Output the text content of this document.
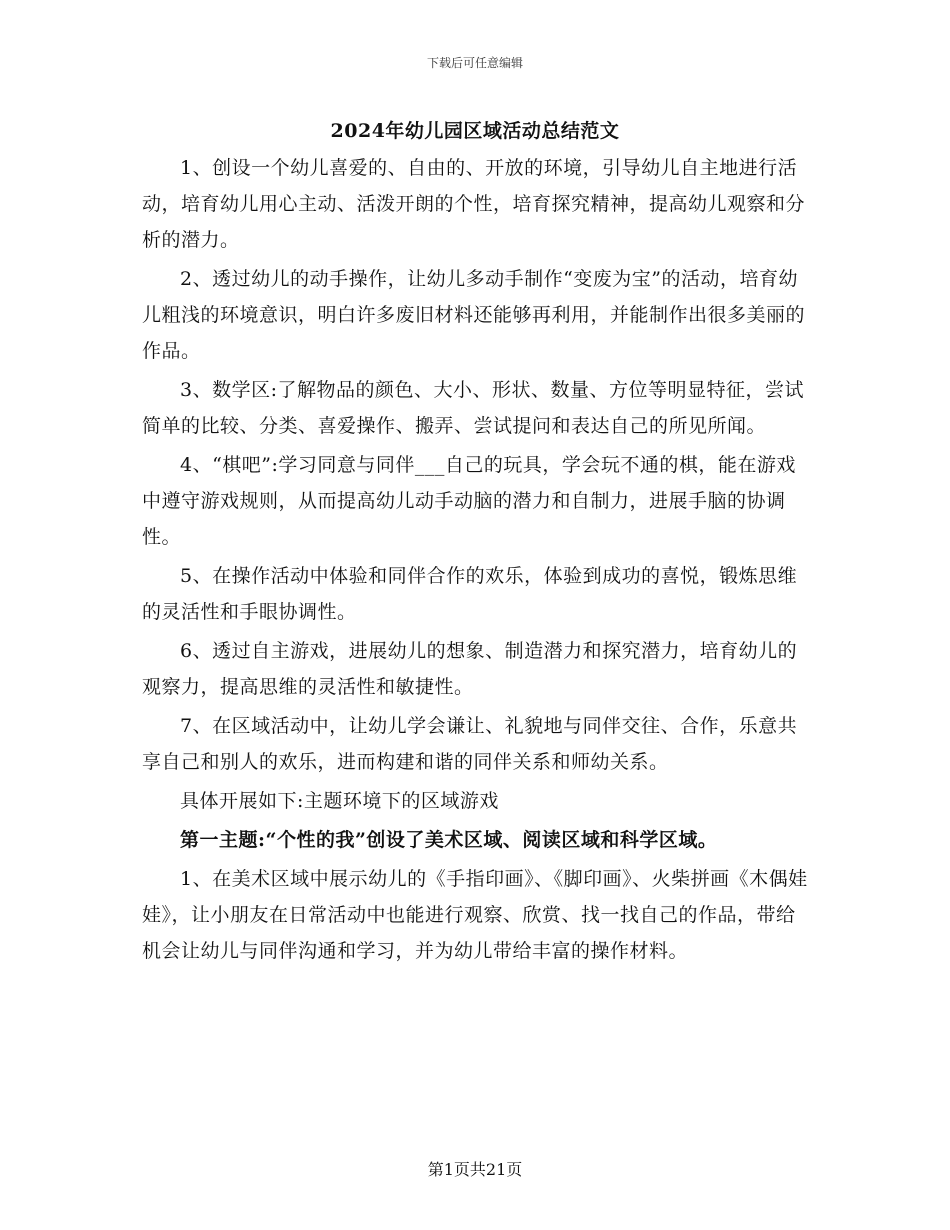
下载后可任意编辑
2024年幼儿园区域活动总结范文

1、创设一个幼儿喜爱的、自由的、开放的环境，引导幼儿自主地进行活动，培育幼儿用心主动、活泼开朗的个性，培育探究精神，提高幼儿观察和分析的潜力。

2、透过幼儿的动手操作，让幼儿多动手制作“变废为宝”的活动，培育幼儿粗浅的环境意识，明白许多废旧材料还能够再利用，并能制作出很多美丽的作品。

3、数学区:了解物品的颜色、大小、形状、数量、方位等明显特征，尝试简单的比较、分类、喜爱操作、搬弄、尝试提问和表达自己的所见所闻。

4、“棋吧”:学习同意与同伴___自己的玩具，学会玩不通的棋，能在游戏中遵守游戏规则，从而提高幼儿动手动脑的潜力和自制力，进展手脑的协调性。

5、在操作活动中体验和同伴合作的欢乐，体验到成功的喜悦，锻炼思维的灵活性和手眼协调性。

6、透过自主游戏，进展幼儿的想象、制造潜力和探究潜力，培育幼儿的观察力，提高思维的灵活性和敏捷性。

7、在区域活动中，让幼儿学会谦让、礼貌地与同伴交往、合作，乐意共享自己和别人的欢乐，进而构建和谐的同伴关系和师幼关系。

具体开展如下:主题环境下的区域游戏

第一主题:“个性的我”创设了美术区域、阅读区域和科学区域。

1、在美术区域中展示幼儿的《手指印画》、《脚印画》、火柴拼画《木偶娃娃》，让小朋友在日常活动中也能进行观察、欣赏、找一找自己的作品，带给机会让幼儿与同伴沟通和学习，并为幼儿带给丰富的操作材料。

第1页共21页
